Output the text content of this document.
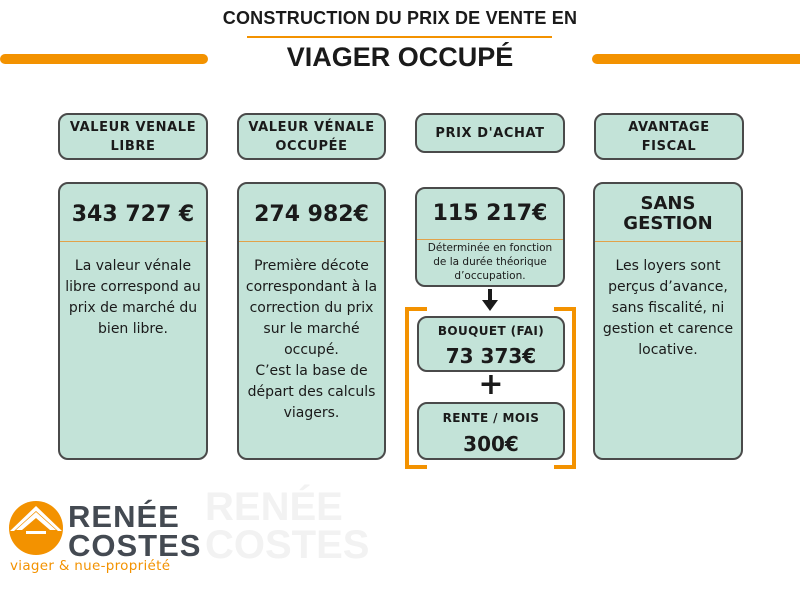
CONSTRUCTION DU PRIX DE VENTE EN
VIAGER OCCUPÉ
VALEUR VENALE
LIBRE
VALEUR VÉNALE
OCCUPÉE
PRIX D'ACHAT	AVANTAGE
FISCAL
343 727 €
La valeur vénale libre correspond au prix de marché du bien libre.
274 982€
Première décote correspondant à la correction du prix sur le marché occupé.
C’est la base de départ des calculs viagers.
115 217€
Déterminée en fonction de la durée théorique d’occupation.
BOUQUET (FAI)
73 373€
+
RENTE / MOIS
300€
SANS
GESTION
Les loyers sont perçus d’avance, sans fiscalité, ni gestion et carence locative.
RENÉE
COSTES
RENÉE
COSTES
viager & nue-propriété
